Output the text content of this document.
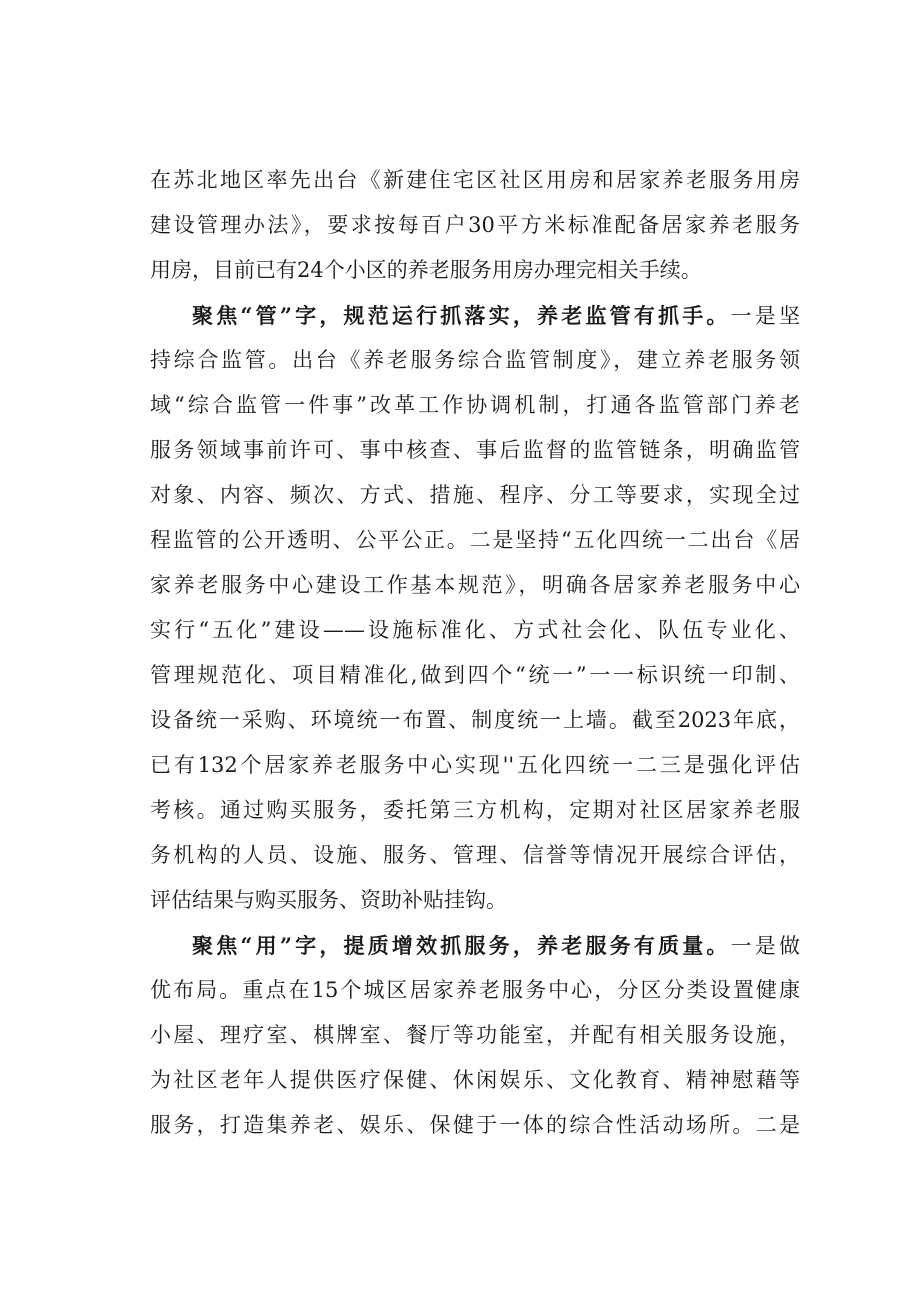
在苏北地区率先出台《新建住宅区社区用房和居家养老服务用房
建设管理办法》，要求按每百户30平方米标准配备居家养老服务
用房，目前已有24个小区的养老服务用房办理完相关手续。
聚焦“管”字，规范运行抓落实，养老监管有抓手。一是坚
持综合监管。出台《养老服务综合监管制度》，建立养老服务领
域“综合监管一件事”改革工作协调机制，打通各监管部门养老
服务领域事前许可、事中核查、事后监督的监管链条，明确监管
对象、内容、频次、方式、措施、程序、分工等要求，实现全过
程监管的公开透明、公平公正。二是坚持“五化四统一二出台《居
家养老服务中心建设工作基本规范》，明确各居家养老服务中心
实行“五化”建设——设施标准化、方式社会化、队伍专业化、
管理规范化、项目精准化,做到四个“统一”一一标识统一印制、
设备统一采购、环境统一布置、制度统一上墙。截至2023年底，
已有132个居家养老服务中心实现''五化四统一二三是强化评估
考核。通过购买服务，委托第三方机构，定期对社区居家养老服
务机构的人员、设施、服务、管理、信誉等情况开展综合评估，
评估结果与购买服务、资助补贴挂钩。
聚焦“用”字，提质增效抓服务，养老服务有质量。一是做
优布局。重点在15个城区居家养老服务中心，分区分类设置健康
小屋、理疗室、棋牌室、餐厅等功能室，并配有相关服务设施，
为社区老年人提供医疗保健、休闲娱乐、文化教育、精神慰藉等
服务，打造集养老、娱乐、保健于一体的综合性活动场所。二是
